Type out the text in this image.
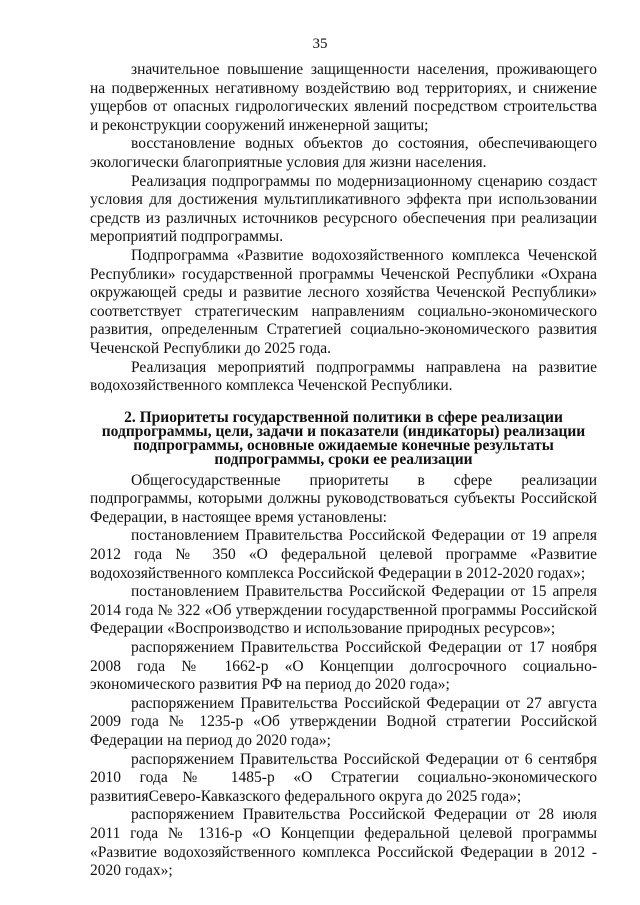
35

значительное повышение защищенности населения, проживающего на подверженных негативному воздействию вод территориях, и снижение ущербов от опасных гидрологических явлений посредством строительства и реконструкции сооружений инженерной защиты;

восстановление водных объектов до состояния, обеспечивающего экологически благоприятные условия для жизни населения.

Реализация подпрограммы по модернизационному сценарию создаст условия для достижения мультипликативного эффекта при использовании средств из различных источников ресурсного обеспечения при реализации мероприятий подпрограммы.

Подпрограмма «Развитие водохозяйственного комплекса Чеченской Республики» государственной программы Чеченской Республики «Охрана окружающей среды и развитие лесного хозяйства Чеченской Республики» соответствует стратегическим направлениям социально-экономического развития, определенным Стратегией социально-экономического развития Чеченской Республики до 2025 года.

Реализация мероприятий подпрограммы направлена на развитие водохозяйственного комплекса Чеченской Республики.

2. Приоритеты государственной политики в сфере реализации
подпрограммы, цели, задачи и показатели (индикаторы) реализации
подпрограммы, основные ожидаемые конечные результаты
подпрограммы, сроки ее реализации

Общегосударственные приоритеты в сфере реализации подпрограммы, которыми должны руководствоваться субъекты Российской Федерации, в настоящее время установлены:

постановлением Правительства Российской Федерации от 19 апреля 2012 года № 350 «О федеральной целевой программе «Развитие водохозяйственного комплекса Российской Федерации в 2012-2020 годах»;

постановлением Правительства Российской Федерации от 15 апреля 2014 года № 322 «Об утверждении государственной программы Российской Федерации «Воспроизводство и использование природных ресурсов»;

распоряжением Правительства Российской Федерации от 17 ноября 2008 года № 1662-р «О Концепции долгосрочного социально-экономического развития РФ на период до 2020 года»;

распоряжением Правительства Российской Федерации от 27 августа 2009 года № 1235-р «Об утверждении Водной стратегии Российской Федерации на период до 2020 года»;

распоряжением Правительства Российской Федерации от 6 сентября 2010 года№ 1485-р «О Стратегии социально-экономического развитияСеверо-Кавказского федерального округа до 2025 года»;

распоряжением Правительства Российской Федерации от 28 июля 2011 года № 1316-р «О Концепции федеральной целевой программы «Развитие водохозяйственного комплекса Российской Федерации в 2012 - 2020 годах»;
